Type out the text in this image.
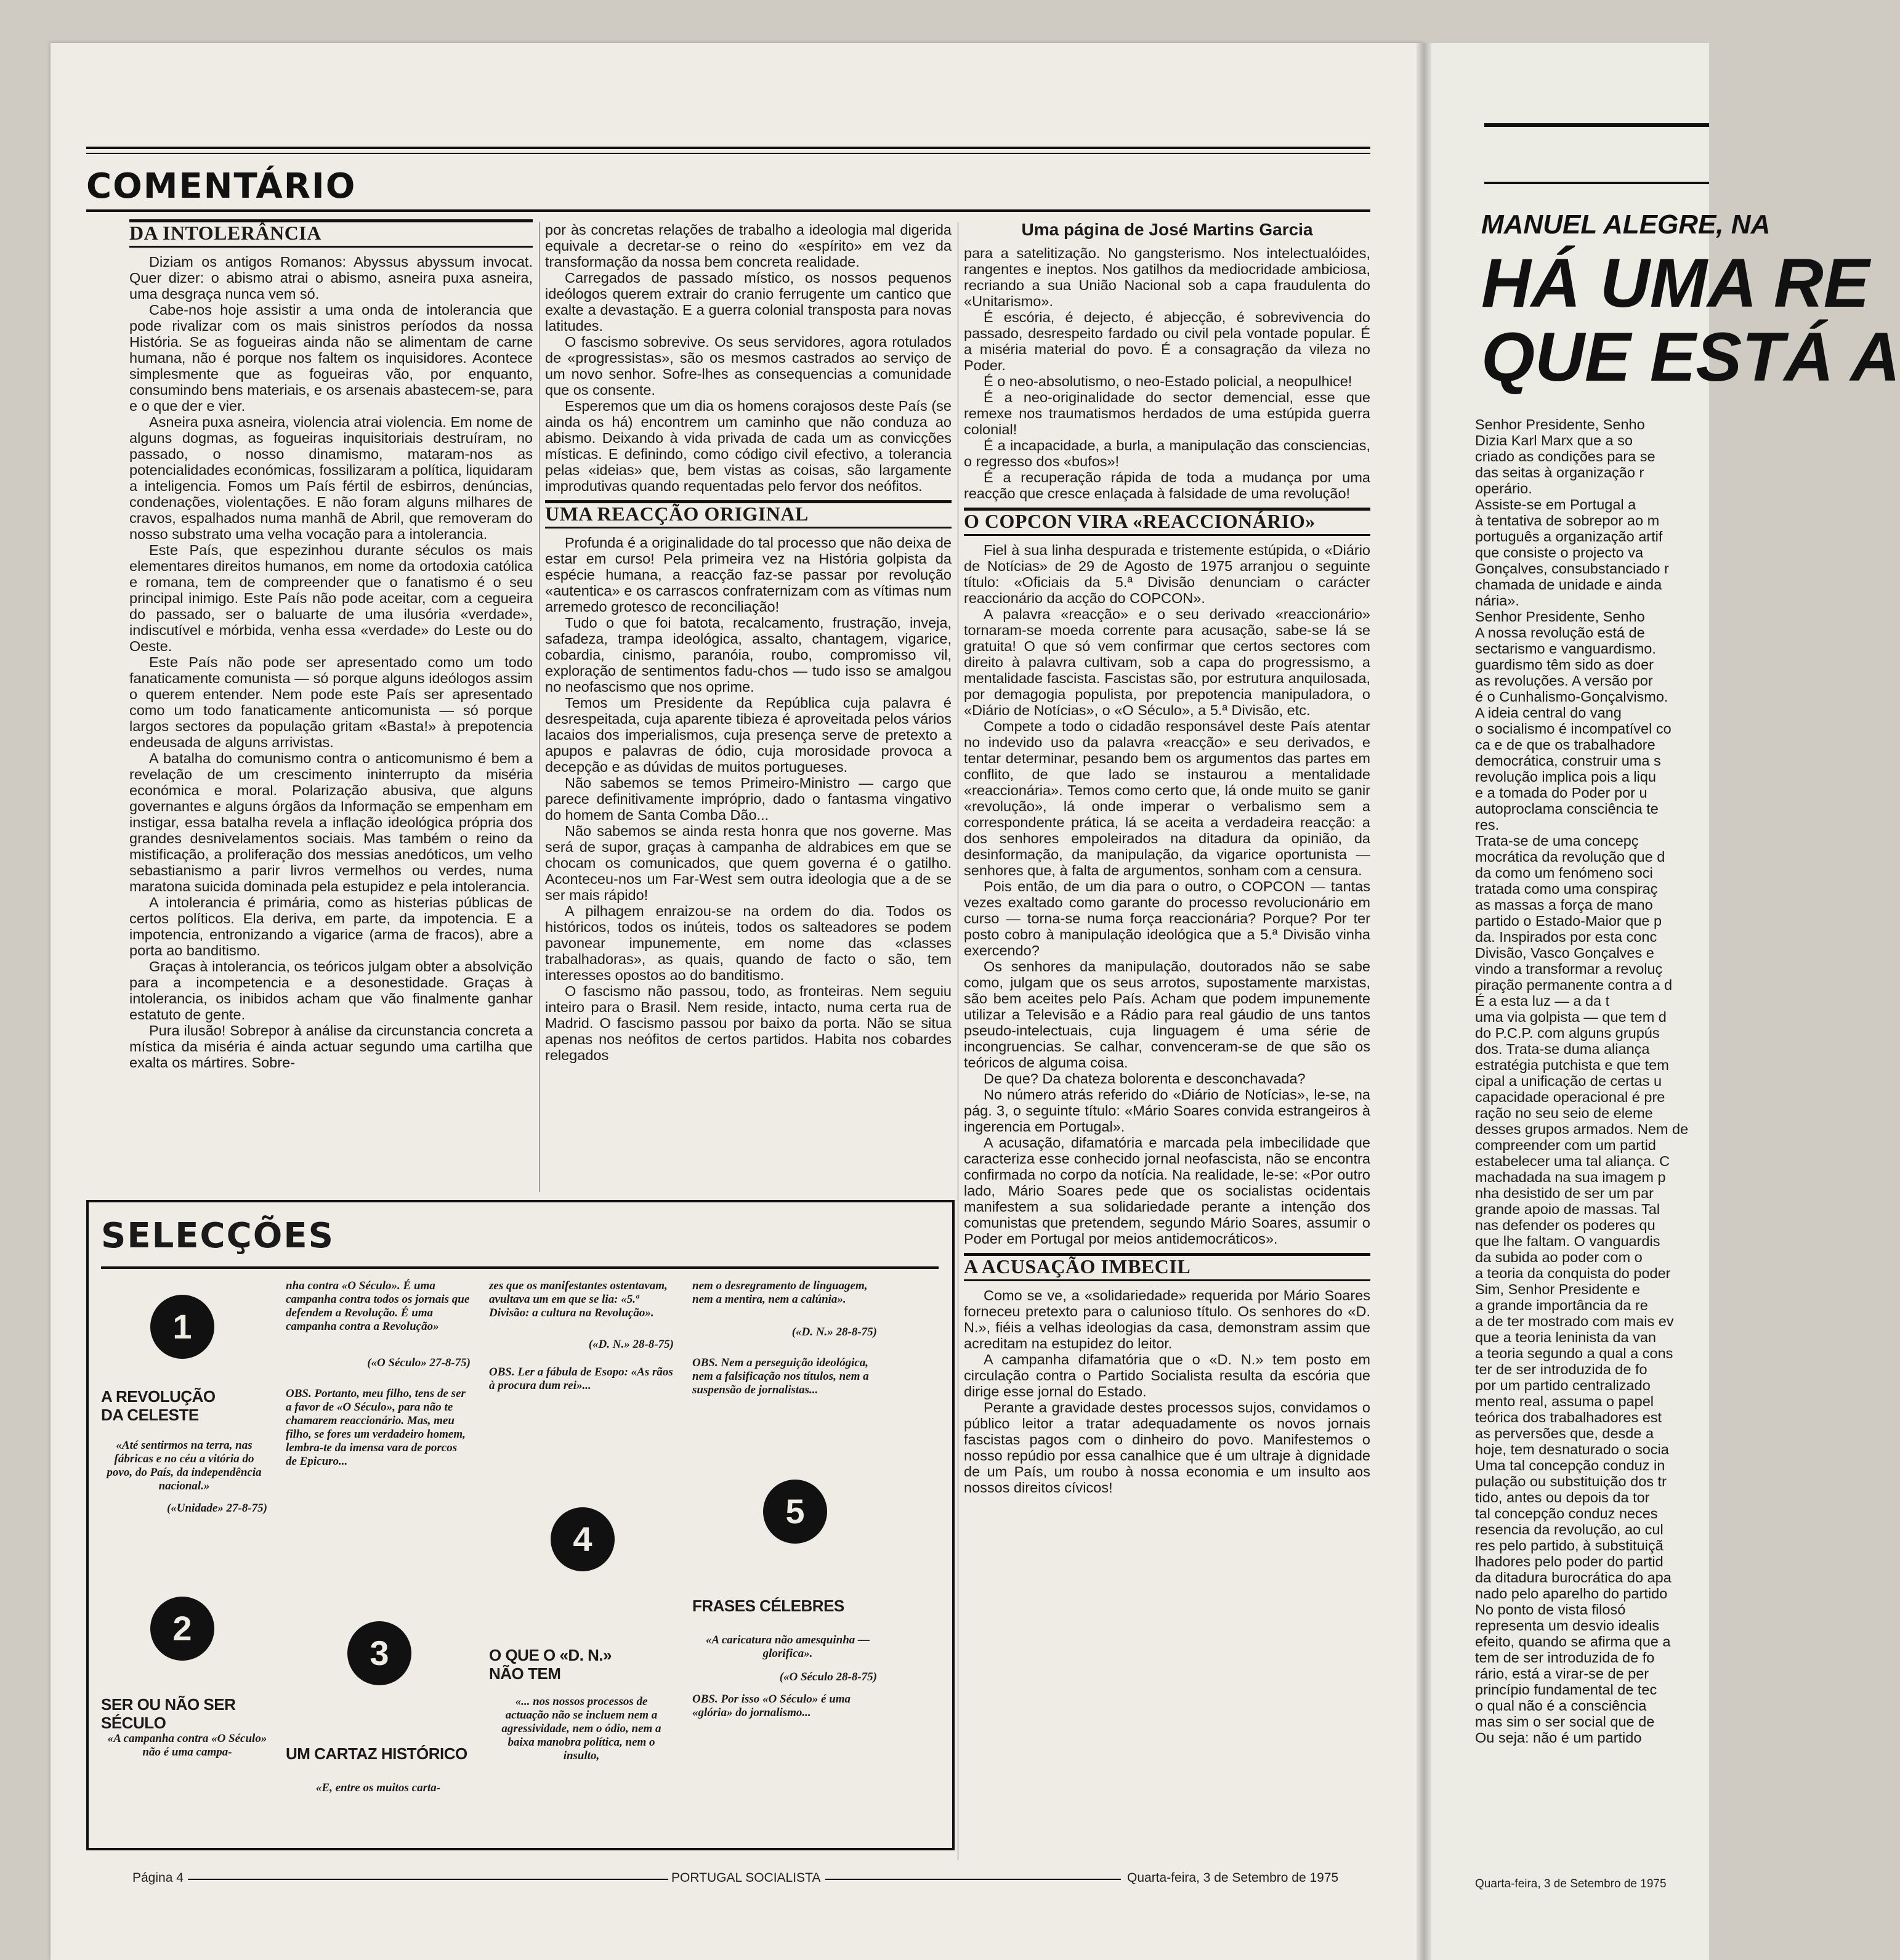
COMENTÁRIO
DA INTOLERÂNCIA

Diziam os antigos Romanos: Abyssus abyssum invocat. Quer dizer: o abismo atrai o abismo, asneira puxa asneira, uma desgraça nunca vem só.

Cabe-nos hoje assistir a uma onda de intolerancia que pode rivalizar com os mais sinistros períodos da nossa História. Se as fogueiras ainda não se alimentam de carne humana, não é porque nos faltem os inquisidores. Acontece simplesmente que as fogueiras vão, por enquanto, consumindo bens materiais, e os arsenais abastecem-se, para e o que der e vier.

Asneira puxa asneira, violencia atrai violencia. Em nome de alguns dogmas, as fogueiras inquisitoriais destruíram, no passado, o nosso dinamismo, mataram-nos as potencialidades económicas, fossilizaram a política, liquidaram a inteligencia. Fomos um País fértil de esbirros, denúncias, condenações, violentações. E não foram alguns milhares de cravos, espalhados numa manhã de Abril, que removeram do nosso substrato uma velha vocação para a intolerancia.

Este País, que espezinhou durante séculos os mais elementares direitos humanos, em nome da ortodoxia católica e romana, tem de compreender que o fanatismo é o seu principal inimigo. Este País não pode aceitar, com a cegueira do passado, ser o baluarte de uma ilusória «verdade», indiscutível e mórbida, venha essa «verdade» do Leste ou do Oeste.

Este País não pode ser apresentado como um todo fanaticamente comunista — só porque alguns ideólogos assim o querem entender. Nem pode este País ser apresentado como um todo fanaticamente anticomunista — só porque largos sectores da população gritam «Basta!» à prepotencia endeusada de alguns arrivistas.

A batalha do comunismo contra o anticomunismo é bem a revelação de um crescimento ininterrupto da miséria económica e moral. Polarização abusiva, que alguns governantes e alguns órgãos da Informação se empenham em instigar, essa batalha revela a inflação ideológica própria dos grandes desnivelamentos sociais. Mas também o reino da mistificação, a proliferação dos messias anedóticos, um velho sebastianismo a parir livros vermelhos ou verdes, numa maratona suicida dominada pela estupidez e pela intolerancia.

A intolerancia é primária, como as histerias públicas de certos políticos. Ela deriva, em parte, da impotencia. E a impotencia, entronizando a vigarice (arma de fracos), abre a porta ao banditismo.

Graças à intolerancia, os teóricos julgam obter a absolvição para a incompetencia e a desonestidade. Graças à intolerancia, os inibidos acham que vão finalmente ganhar estatuto de gente.

Pura ilusão! Sobrepor à análise da circunstancia concreta a mística da miséria é ainda actuar segundo uma cartilha que exalta os mártires. Sobre-

por às concretas relações de trabalho a ideologia mal digerida equivale a decretar-se o reino do «espírito» em vez da transformação da nossa bem concreta realidade.

Carregados de passado místico, os nossos pequenos ideólogos querem extrair do cranio ferrugente um cantico que exalte a devastação. E a guerra colonial transposta para novas latitudes.

O fascismo sobrevive. Os seus servidores, agora rotulados de «progressistas», são os mesmos castrados ao serviço de um novo senhor. Sofre-lhes as consequencias a comunidade que os consente.

Esperemos que um dia os homens corajosos deste País (se ainda os há) encontrem um caminho que não conduza ao abismo. Deixando à vida privada de cada um as convicções místicas. E definindo, como código civil efectivo, a tolerancia pelas «ideias» que, bem vistas as coisas, são largamente improdutivas quando requentadas pelo fervor dos neófitos.

UMA REACÇÃO ORIGINAL

Profunda é a originalidade do tal processo que não deixa de estar em curso! Pela primeira vez na História golpista da espécie humana, a reacção faz-se passar por revolução «autentica» e os carrascos confraternizam com as vítimas num arremedo grotesco de reconciliação!

Tudo o que foi batota, recalcamento, frustração, inveja, safadeza, trampa ideológica, assalto, chantagem, vigarice, cobardia, cinismo, paranóia, roubo, compromisso vil, exploração de sentimentos fadu-chos — tudo isso se amalgou no neofascismo que nos oprime.

Temos um Presidente da República cuja palavra é desrespeitada, cuja aparente tibieza é aproveitada pelos vários lacaios dos imperialismos, cuja presença serve de pretexto a apupos e palavras de ódio, cuja morosidade provoca a decepção e as dúvidas de muitos portugueses.

Não sabemos se temos Primeiro-Ministro — cargo que parece definitivamente impróprio, dado o fantasma vingativo do homem de Santa Comba Dão...

Não sabemos se ainda resta honra que nos governe. Mas será de supor, graças à campanha de aldrabices em que se chocam os comunicados, que quem governa é o gatilho. Aconteceu-nos um Far-West sem outra ideologia que a de se ser mais rápido!

A pilhagem enraizou-se na ordem do dia. Todos os históricos, todos os inúteis, todos os salteadores se podem pavonear impunemente, em nome das «classes trabalhadoras», as quais, quando de facto o são, tem interesses opostos ao do banditismo.

O fascismo não passou, todo, as fronteiras. Nem seguiu inteiro para o Brasil. Nem reside, intacto, numa certa rua de Madrid. O fascismo passou por baixo da porta. Não se situa apenas nos neófitos de certos partidos. Habita nos cobardes relegados

Uma página de José Martins Garcia

para a satelitização. No gangsterismo. Nos intelectualóides, rangentes e ineptos. Nos gatilhos da mediocridade ambiciosa, recriando a sua União Nacional sob a capa fraudulenta do «Unitarismo».

É escória, é dejecto, é abjecção, é sobrevivencia do passado, desrespeito fardado ou civil pela vontade popular. É a miséria material do povo. É a consagração da vileza no Poder.

É o neo-absolutismo, o neo-Estado policial, a neopulhice!

É a neo-originalidade do sector demencial, esse que remexe nos traumatismos herdados de uma estúpida guerra colonial!

É a incapacidade, a burla, a manipulação das consciencias, o regresso dos «bufos»!

É a recuperação rápida de toda a mudança por uma reacção que cresce enlaçada à falsidade de uma revolução!

O COPCON VIRA «REACCIONÁRIO»

Fiel à sua linha despurada e tristemente estúpida, o «Diário de Notícias» de 29 de Agosto de 1975 arranjou o seguinte título: «Oficiais da 5.ª Divisão denunciam o carácter reaccionário da acção do COPCON».

A palavra «reacção» e o seu derivado «reaccionário» tornaram-se moeda corrente para acusação, sabe-se lá se gratuita! O que só vem confirmar que certos sectores com direito à palavra cultivam, sob a capa do progressismo, a mentalidade fascista. Fascistas são, por estrutura anquilosada, por demagogia populista, por prepotencia manipuladora, o «Diário de Notícias», o «O Século», a 5.ª Divisão, etc.

Compete a todo o cidadão responsável deste País atentar no indevido uso da palavra «reacção» e seu derivados, e tentar determinar, pesando bem os argumentos das partes em conflito, de que lado se instaurou a mentalidade «reaccionária». Temos como certo que, lá onde muito se ganir «revolução», lá onde imperar o verbalismo sem a correspondente prática, lá se aceita a verdadeira reacção: a dos senhores empoleirados na ditadura da opinião, da desinformação, da manipulação, da vigarice oportunista — senhores que, à falta de argumentos, sonham com a censura.

Pois então, de um dia para o outro, o COPCON — tantas vezes exaltado como garante do processo revolucionário em curso — torna-se numa força reaccionária? Porque? Por ter posto cobro à manipulação ideológica que a 5.ª Divisão vinha exercendo?

Os senhores da manipulação, doutorados não se sabe como, julgam que os seus arrotos, supostamente marxistas, são bem aceites pelo País. Acham que podem impunemente utilizar a Televisão e a Rádio para real gáudio de uns tantos pseudo-intelectuais, cuja linguagem é uma série de incongruencias. Se calhar, convenceram-se de que são os teóricos de alguma coisa.

De que? Da chateza bolorenta e desconchavada?

No número atrás referido do «Diário de Notícias», le-se, na pág. 3, o seguinte título: «Mário Soares convida estrangeiros à ingerencia em Portugal».

A acusação, difamatória e marcada pela imbecilidade que caracteriza esse conhecido jornal neofascista, não se encontra confirmada no corpo da notícia. Na realidade, le-se: «Por outro lado, Mário Soares pede que os socialistas ocidentais manifestem a sua solidariedade perante a intenção dos comunistas que pretendem, segundo Mário Soares, assumir o Poder em Portugal por meios antidemocráticos».

A ACUSAÇÃO IMBECIL

Como se ve, a «solidariedade» requerida por Mário Soares forneceu pretexto para o calunioso título. Os senhores do «D. N.», fiéis a velhas ideologias da casa, demonstram assim que acreditam na estupidez do leitor.

A campanha difamatória que o «D. N.» tem posto em circulação contra o Partido Socialista resulta da escória que dirige esse jornal do Estado.

Perante a gravidade destes processos sujos, convidamos o público leitor a tratar adequadamente os novos jornais fascistas pagos com o dinheiro do povo. Manifestemos o nosso repúdio por essa canalhice que é um ultraje à dignidade de um País, um roubo à nossa economia e um insulto aos nossos direitos cívicos!

SELECÇÕES
1
A REVOLUÇÃO DA CELESTE
«Até sentirmos na terra, nas fábricas e no céu a vitória do povo, do País, da independência nacional.»
(«Unidade» 27-8-75)
2
SER OU NÃO SER SÉCULO
«A campanha contra «O Século» não é uma campa-
nha contra «O Século». É uma campanha contra todos os jornais que defendem a Revolução. É uma campanha contra a Revolução»
(«O Século» 27-8-75)
OBS. Portanto, meu filho, tens de ser a favor de «O Século», para não te chamarem reaccionário. Mas, meu filho, se fores um verdadeiro homem, lembra-te da imensa vara de porcos de Epicuro...
3
UM CARTAZ HISTÓRICO
«E, entre os muitos carta-
zes que os manifestantes ostentavam, avultava um em que se lia: «5.ª Divisão: a cultura na Revolução».
(«D. N.» 28-8-75)
OBS. Ler a fábula de Esopo: «As rãos à procura dum rei»...
4
O QUE O «D. N.» NÃO TEM
«... nos nossos processos de actuação não se incluem nem a agressividade, nem o ódio, nem a baixa manobra política, nem o insulto,
nem o desregramento de linguagem, nem a mentira, nem a calúnia».
(«D. N.» 28-8-75)
OBS. Nem a perseguição ideológica, nem a falsificação nos títulos, nem a suspensão de jornalistas...
5
FRASES CÉLEBRES
«A caricatura não amesquinha — glorifica».
(«O Século 28-8-75)
OBS. Por isso «O Século» é uma «glória» do jornalismo...
Página 4	PORTUGAL SOCIALISTA	Quarta-feira, 3 de Setembro de 1975
MANUEL ALEGRE, NA
HÁ UMA RE
QUE ESTÁ A
Senhor Presidente, Senho
Dizia Karl Marx que a so
criado as condições para se
das seitas à organização r
operário.
Assiste-se em Portugal a
à tentativa de sobrepor ao m
português a organização artif
que consiste o projecto va
Gonçalves, consubstanciado r
chamada de unidade e ainda
nária».
Senhor Presidente, Senho
A nossa revolução está de
sectarismo e vanguardismo.
guardismo têm sido as doer
as revoluções. A versão por
é o Cunhalismo-Gonçalvismo.
A ideia central do vang
o socialismo é incompatível co
ca e de que os trabalhadore
democrática, construir uma s
revolução implica pois a liqu
e a tomada do Poder por u
autoproclama consciência te
res.
Trata-se de uma concepç
mocrática da revolução que d
da como um fenómeno soci
tratada como uma conspiraç
as massas a força de mano
partido o Estado-Maior que p
da. Inspirados por esta conc
Divisão, Vasco Gonçalves e
vindo a transformar a revoluç
piração permanente contra a d
É a esta luz — a da t
uma via golpista — que tem d
do P.C.P. com alguns grupús
dos. Trata-se duma aliança
estratégia putchista e que tem
cipal a unificação de certas u
capacidade operacional é pre
ração no seu seio de eleme
desses grupos armados. Nem de
compreender com um partid
estabelecer uma tal aliança. C
machadada na sua imagem p
nha desistido de ser um par
grande apoio de massas. Tal
nas defender os poderes qu
que lhe faltam. O vanguardis
da subida ao poder com o
a teoria da conquista do poder
Sim, Senhor Presidente e
a grande importância da re
a de ter mostrado com mais ev
que a teoria leninista da van
a teoria segundo a qual a cons
ter de ser introduzida de fo
por um partido centralizado
mento real, assuma o papel
teórica dos trabalhadores est
as perversões que, desde a
hoje, tem desnaturado o socia
Uma tal concepção conduz in
pulação ou substituição dos tr
tido, antes ou depois da tor
tal concepção conduz neces
resencia da revolução, ao cul
res pelo partido, à substituiçã
lhadores pelo poder do partid
da ditadura burocrática do apa
nado pelo aparelho do partido
No ponto de vista filosó
representa um desvio idealis
efeito, quando se afirma que a
tem de ser introduzida de fo
rário, está a virar-se de per
princípio fundamental de tec
o qual não é a consciência
mas sim o ser social que de
Ou seja: não é um partido
Quarta-feira, 3 de Setembro de 1975
